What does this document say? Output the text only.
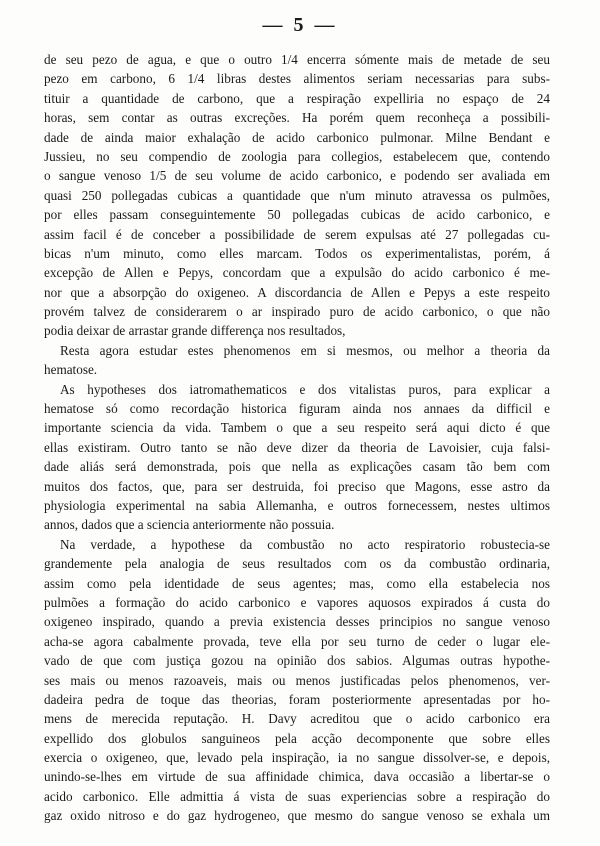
— 5 —
de seu pezo de agua, e que o outro 1/4 encerra sómente mais de metade de seu
pezo em carbono, 6 1/4 libras destes alimentos seriam necessarias para subs-
tituir a quantidade de carbono, que a respiração expelliria no espaço de 24
horas, sem contar as outras excreções. Ha porém quem reconheça a possibili-
dade de ainda maior exhalação de acido carbonico pulmonar. Milne Bendant e
Jussieu, no seu compendio de zoologia para collegios, estabelecem que, contendo
o sangue venoso 1/5 de seu volume de acido carbonico, e podendo ser avaliada em
quasi 250 pollegadas cubicas a quantidade que n'um minuto atravessa os pulmões,
por elles passam conseguintemente 50 pollegadas cubicas de acido carbonico, e
assim facil é de conceber a possibilidade de serem expulsas até 27 pollegadas cu-
bicas n'um minuto, como elles marcam. Todos os experimentalistas, porém, á
excepção de Allen e Pepys, concordam que a expulsão do acido carbonico é me-
nor que a absorpção do oxigeneo. A discordancia de Allen e Pepys a este respeito
provém talvez de considerarem o ar inspirado puro de acido carbonico, o que não
podia deixar de arrastar grande differença nos resultados,
Resta agora estudar estes phenomenos em si mesmos, ou melhor a theoria da
hematose.
As hypotheses dos iatromathematicos e dos vitalistas puros, para explicar a
hematose só como recordação historica figuram ainda nos annaes da difficil e
importante sciencia da vida. Tambem o que a seu respeito será aqui dicto é que
ellas existiram. Outro tanto se não deve dizer da theoria de Lavoisier, cuja falsi-
dade aliás será demonstrada, pois que nella as explicações casam tão bem com
muitos dos factos, que, para ser destruida, foi preciso que Magons, esse astro da
physiologia experimental na sabia Allemanha, e outros fornecessem, nestes ultimos
annos, dados que a sciencia anteriormente não possuia.
Na verdade, a hypothese da combustão no acto respiratorio robustecia-se
grandemente pela analogia de seus resultados com os da combustão ordinaria,
assim como pela identidade de seus agentes; mas, como ella estabelecia nos
pulmões a formação do acido carbonico e vapores aquosos expirados á custa do
oxigeneo inspirado, quando a previa existencia desses principios no sangue venoso
acha-se agora cabalmente provada, teve ella por seu turno de ceder o lugar ele-
vado de que com justiça gozou na opinião dos sabios. Algumas outras hypothe-
ses mais ou menos razoaveis, mais ou menos justificadas pelos phenomenos, ver-
dadeira pedra de toque das theorias, foram posteriormente apresentadas por ho-
mens de merecida reputação. H. Davy acreditou que o acido carbonico era
expellido dos globulos sanguineos pela acção decomponente que sobre elles
exercia o oxigeneo, que, levado pela inspiração, ia no sangue dissolver-se, e depois,
unindo-se-lhes em virtude de sua affinidade chimica, dava occasião a libertar-se o
acido carbonico. Elle admittia á vista de suas experiencias sobre a respiração do
gaz oxido nitroso e do gaz hydrogeneo, que mesmo do sangue venoso se exhala um
